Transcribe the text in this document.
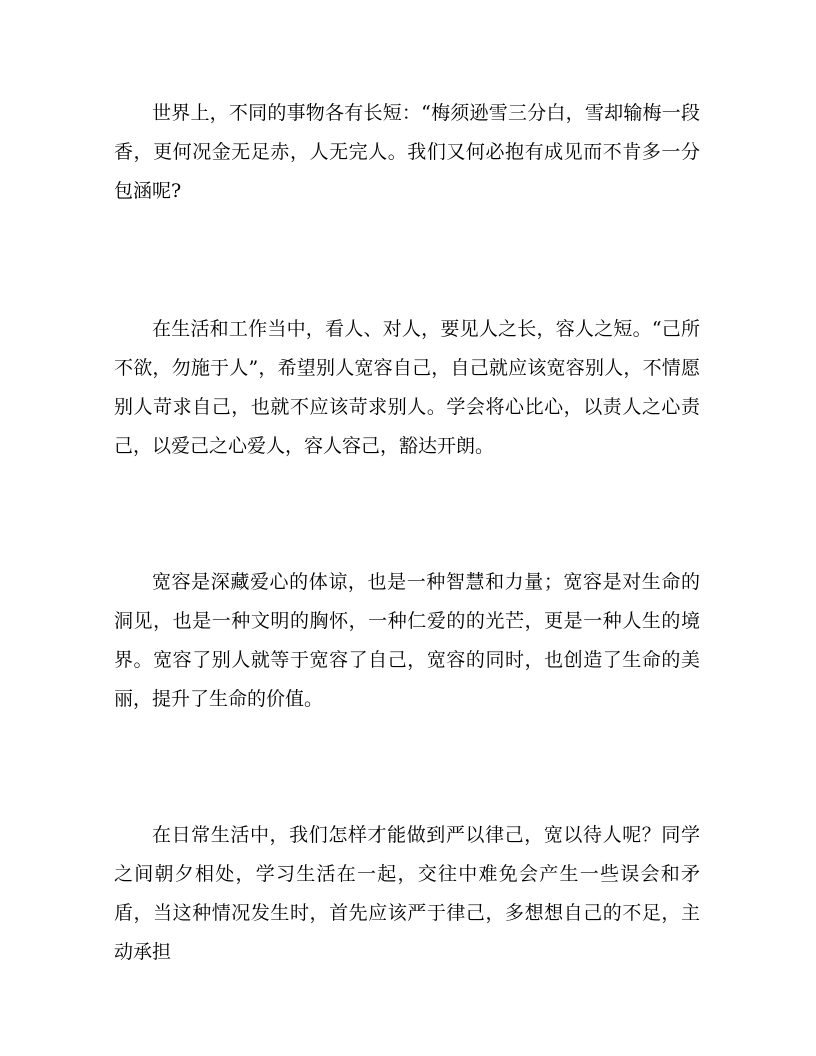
世界上，不同的事物各有长短：“梅须逊雪三分白，雪却输梅一段香，更何况金无足赤，人无完人。我们又何必抱有成见而不肯多一分包涵呢?

在生活和工作当中，看人、对人，要见人之长，容人之短。“己所不欲，勿施于人”，希望别人宽容自己，自己就应该宽容别人，不情愿别人苛求自己，也就不应该苛求别人。学会将心比心，以责人之心责己，以爱己之心爱人，容人容己，豁达开朗。

宽容是深藏爱心的体谅，也是一种智慧和力量；宽容是对生命的洞见，也是一种文明的胸怀，一种仁爱的的光芒，更是一种人生的境界。宽容了别人就等于宽容了自己，宽容的同时，也创造了生命的美丽，提升了生命的价值。

在日常生活中，我们怎样才能做到严以律己，宽以待人呢？同学之间朝夕相处，学习生活在一起，交往中难免会产生一些误会和矛盾，当这种情况发生时，首先应该严于律己，多想想自己的不足，主动承担
